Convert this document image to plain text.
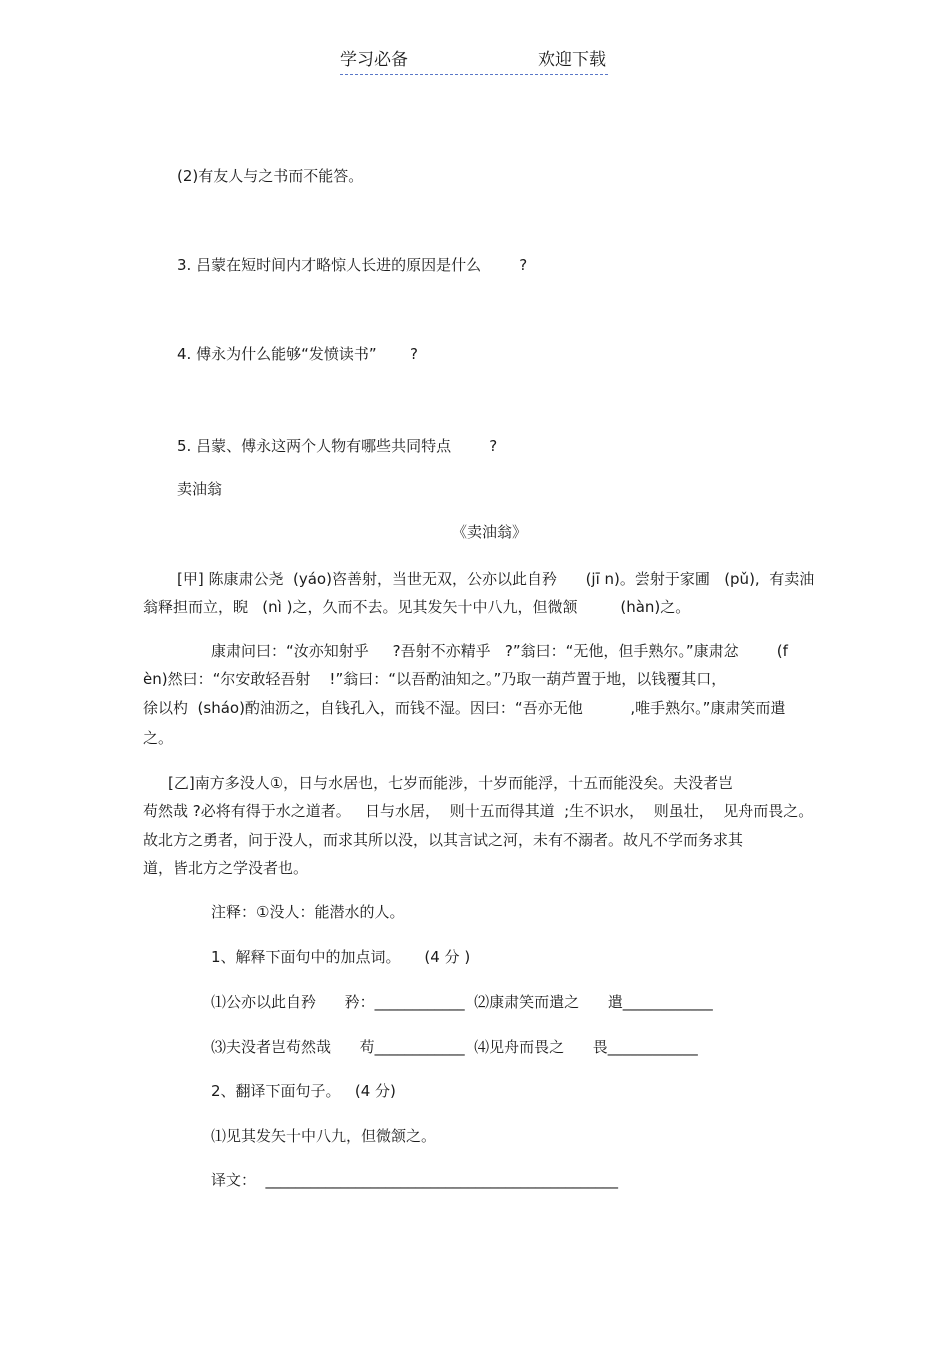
学习必备	欢迎下载
(2)有友人与之书而不能答。
3. 吕蒙在短时间内才略惊人长进的原因是什么        ?
4. 傅永为什么能够“发愤读书”       ?
5. 吕蒙、傅永这两个人物有哪些共同特点        ?
卖油翁
《卖油翁》
[甲] 陈康肃公尧  (yáo)咨善射，当世无双，公亦以此自矜      (jī n)。尝射于家圃   (pǔ),  有卖油
翁释担而立，睨   (nì )之，久而不去。见其发矢十中八九，但微颔         (hàn)之。
康肃问曰：“汝亦知射乎     ?吾射不亦精乎   ?”翁曰：“无他，但手熟尔。”康肃忿        (f
èn)然曰：“尔安敢轻吾射    !”翁曰：“以吾酌油知之。”乃取一葫芦置于地，以钱覆其口，
徐以杓  (sháo)酌油沥之，自钱孔入，而钱不湿。因曰：“吾亦无他          ,唯手熟尔。”康肃笑而遣
之。
[乙]南方多没人①，日与水居也，七岁而能涉，十岁而能浮，十五而能没矣。夫没者岂
苟然哉 ?必将有得于水之道者。   日与水居，  则十五而得其道  ;生不识水，  则虽壮，  见舟而畏之。
故北方之勇者，问于没人，而求其所以没，以其言试之河，未有不溺者。故凡不学而务求其
道，皆北方之学没者也。
注释：①没人：能潜水的人。
1、解释下面句中的加点词。     (4 分 )
⑴公亦以此自矜      矜：____________  ⑵康肃笑而遣之      遣____________
⑶夫没者岂苟然哉      苟____________  ⑷见舟而畏之      畏____________
2、翻译下面句子。   (4 分)
⑴见其发矢十中八九，但微颔之。
译文：  _______________________________________________
